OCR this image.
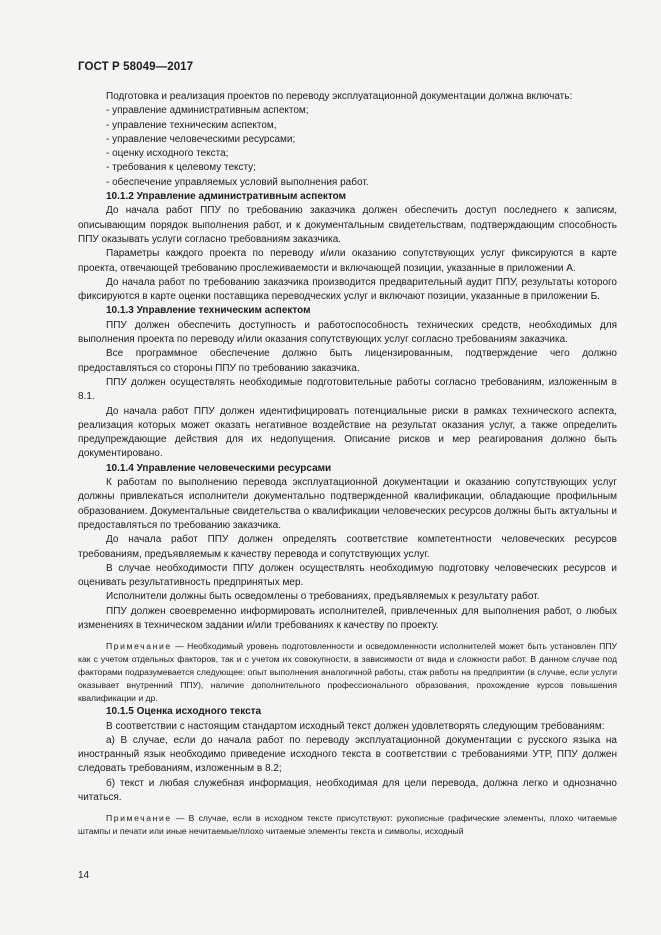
ГОСТ Р 58049—2017

Подготовка и реализация проектов по переводу эксплуатационной документации должна включать:

- управление административным аспектом;

- управление техническим аспектом,

- управление человеческими ресурсами;

- оценку исходного текста;

- требования к целевому тексту;

- обеспечение управляемых условий выполнения работ.

10.1.2 Управление административным аспектом

До начала работ ППУ по требованию заказчика должен обеспечить доступ последнего к записям, описывающим порядок выполнения работ, и к документальным свидетельствам, подтверждающим способность ППУ оказывать услуги согласно требованиям заказчика.

Параметры каждого проекта по переводу и/или оказанию сопутствующих услуг фиксируются в карте проекта, отвечающей требованию прослеживаемости и включающей позиции, указанные в приложении А.

До начала работ по требованию заказчика производится предварительный аудит ППУ, результаты которого фиксируются в карте оценки поставщика переводческих услуг и включают позиции, указанные в приложении Б.

10.1.3 Управление техническим аспектом

ППУ должен обеспечить доступность и работоспособность технических средств, необходимых для выполнения проекта по переводу и/или оказания сопутствующих услуг согласно требованиям заказчика.

Все программное обеспечение должно быть лицензированным, подтверждение чего должно предоставляться со стороны ППУ по требованию заказчика.

ППУ должен осуществлять необходимые подготовительные работы согласно требованиям, изложенным в 8.1.

До начала работ ППУ должен идентифицировать потенциальные риски в рамках технического аспекта, реализация которых может оказать негативное воздействие на результат оказания услуг, а также определить предупреждающие действия для их недопущения. Описание рисков и мер реагирования должно быть документировано.

10.1.4 Управление человеческими ресурсами

К работам по выполнению перевода эксплуатационной документации и оказанию сопутствующих услуг должны привлекаться исполнители документально подтвержденной квалификации, обладающие профильным образованием. Документальные свидетельства о квалификации человеческих ресурсов должны быть актуальны и предоставляться по требованию заказчика.

До начала работ ППУ должен определять соответствие компетентности человеческих ресурсов требованиям, предъявляемым к качеству перевода и сопутствующих услуг.

В случае необходимости ППУ должен осуществлять необходимую подготовку человеческих ресурсов и оценивать результативность предпринятых мер.

Исполнители должны быть осведомлены о требованиях, предъявляемых к результату работ.

ППУ должен своевременно информировать исполнителей, привлеченных для выполнения работ, о любых изменениях в техническом задании и/или требованиях к качеству по проекту.

Примечание — Необходимый уровень подготовленности и осведомленности исполнителей может быть установлен ППУ как с учетом отдельных факторов, так и с учетом их совокупности, в зависимости от вида и сложности работ. В данном случае под факторами подразумевается следующее: опыт выполнения аналогичной работы, стаж работы на предприятии (в случае, если услуги оказывает внутренний ППУ), наличие дополнительного профессионального образования, прохождение курсов повышения квалификации и др.

10.1.5 Оценка исходного текста

В соответствии с настоящим стандартом исходный текст должен удовлетворять следующим требованиям:

а) В случае, если до начала работ по переводу эксплуатационной документации с русского языка на иностранный язык необходимо приведение исходного текста в соответствии с требованиями УТР, ППУ должен следовать требованиям, изложенным в 8.2;

б) текст и любая служебная информация, необходимая для цели перевода, должна легко и однозначно читаться.

Примечание — В случае, если в исходном тексте присутствуют: рукописные графические элементы, плохо читаемые штампы и печати или иные нечитаемые/плохо читаемые элементы текста и символы, исходный

14
